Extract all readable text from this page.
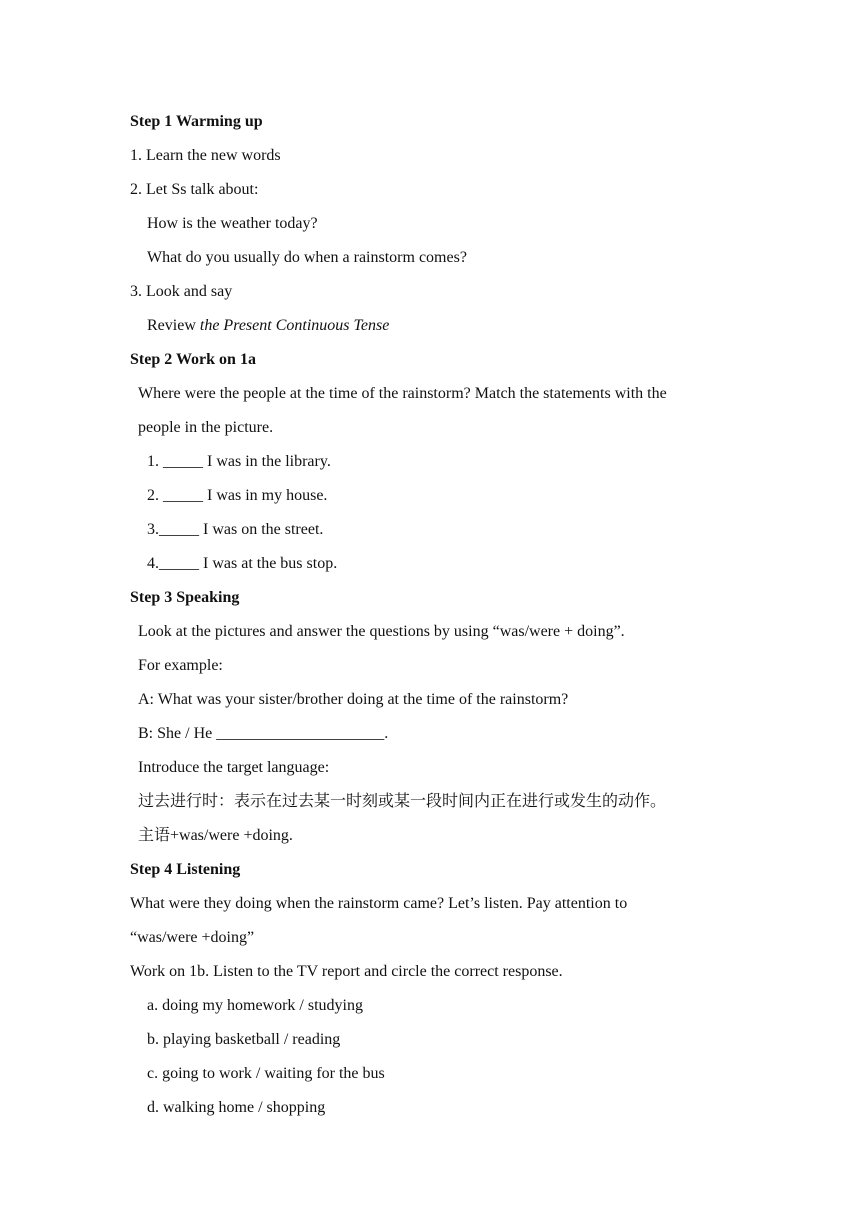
Step 1 Warming up
1. Learn the new words
2. Let Ss talk about:
How is the weather today?
What do you usually do when a rainstorm comes?
3. Look and say
Review the Present Continuous Tense
Step 2 Work on 1a
Where were the people at the time of the rainstorm? Match the statements with the
people in the picture.
1. _____ I was in the library.
2. _____ I was in my house.
3._____ I was on the street.
4._____ I was at the bus stop.
Step 3 Speaking
Look at the pictures and answer the questions by using “was/were + doing”.
For example:
A: What was your sister/brother doing at the time of the rainstorm?
B: She / He _____________________.
Introduce the target language:
过去进行时：表示在过去某一时刻或某一段时间内正在进行或发生的动作。
主语+was/were +doing.
Step 4 Listening
What were they doing when the rainstorm came? Let’s listen. Pay attention to
“was/were +doing”
Work on 1b. Listen to the TV report and circle the correct response.
a. doing my homework / studying
b. playing basketball / reading
c. going to work / waiting for the bus
d. walking home / shopping
